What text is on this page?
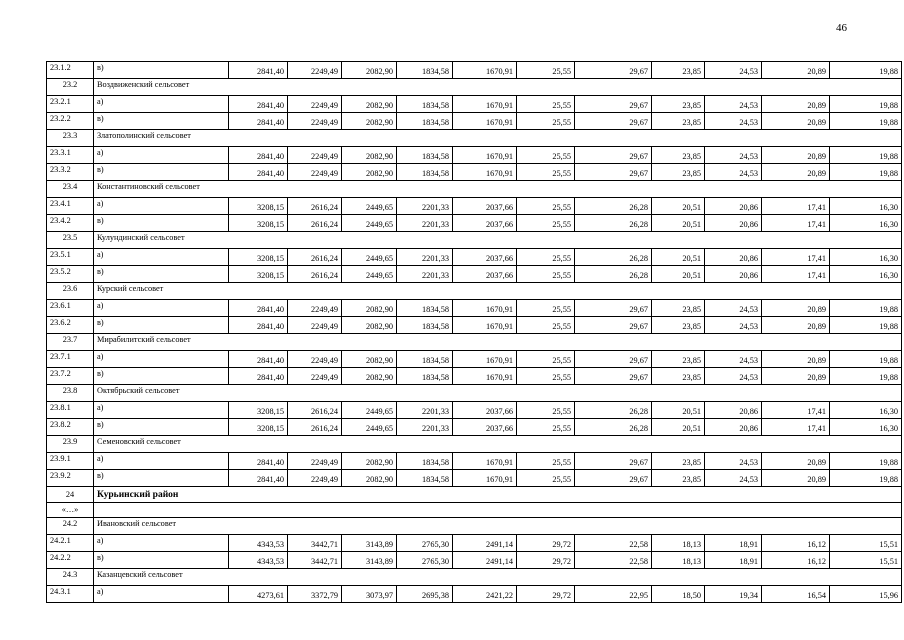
46
23.1.2	в)	2841,40	2249,49	2082,90	1834,58	1670,91	25,55	29,67	23,85	24,53	20,89	19,88
23.2	Воздвиженский сельсовет											
23.2.1	а)	2841,40	2249,49	2082,90	1834,58	1670,91	25,55	29,67	23,85	24,53	20,89	19,88
23.2.2	в)	2841,40	2249,49	2082,90	1834,58	1670,91	25,55	29,67	23,85	24,53	20,89	19,88
23.3	Златополинский сельсовет											
23.3.1	а)	2841,40	2249,49	2082,90	1834,58	1670,91	25,55	29,67	23,85	24,53	20,89	19,88
23.3.2	в)	2841,40	2249,49	2082,90	1834,58	1670,91	25,55	29,67	23,85	24,53	20,89	19,88
23.4	Константиновский сельсовет											
23.4.1	а)	3208,15	2616,24	2449,65	2201,33	2037,66	25,55	26,28	20,51	20,86	17,41	16,30
23.4.2	в)	3208,15	2616,24	2449,65	2201,33	2037,66	25,55	26,28	20,51	20,86	17,41	16,30
23.5	Кулундинский сельсовет											
23.5.1	а)	3208,15	2616,24	2449,65	2201,33	2037,66	25,55	26,28	20,51	20,86	17,41	16,30
23.5.2	в)	3208,15	2616,24	2449,65	2201,33	2037,66	25,55	26,28	20,51	20,86	17,41	16,30
23.6	Курский сельсовет											
23.6.1	а)	2841,40	2249,49	2082,90	1834,58	1670,91	25,55	29,67	23,85	24,53	20,89	19,88
23.6.2	в)	2841,40	2249,49	2082,90	1834,58	1670,91	25,55	29,67	23,85	24,53	20,89	19,88
23.7	Мирабилитский сельсовет											
23.7.1	а)	2841,40	2249,49	2082,90	1834,58	1670,91	25,55	29,67	23,85	24,53	20,89	19,88
23.7.2	в)	2841,40	2249,49	2082,90	1834,58	1670,91	25,55	29,67	23,85	24,53	20,89	19,88
23.8	Октябрьский сельсовет											
23.8.1	а)	3208,15	2616,24	2449,65	2201,33	2037,66	25,55	26,28	20,51	20,86	17,41	16,30
23.8.2	в)	3208,15	2616,24	2449,65	2201,33	2037,66	25,55	26,28	20,51	20,86	17,41	16,30
23.9	Семеновский сельсовет											
23.9.1	а)	2841,40	2249,49	2082,90	1834,58	1670,91	25,55	29,67	23,85	24,53	20,89	19,88
23.9.2	в)	2841,40	2249,49	2082,90	1834,58	1670,91	25,55	29,67	23,85	24,53	20,89	19,88
24	Курьинский район											
«…»												
24.2	Ивановский сельсовет											
24.2.1	а)	4343,53	3442,71	3143,89	2765,30	2491,14	29,72	22,58	18,13	18,91	16,12	15,51
24.2.2	в)	4343,53	3442,71	3143,89	2765,30	2491,14	29,72	22,58	18,13	18,91	16,12	15,51
24.3	Казанцевский сельсовет											
24.3.1	а)	4273,61	3372,79	3073,97	2695,38	2421,22	29,72	22,95	18,50	19,34	16,54	15,96
